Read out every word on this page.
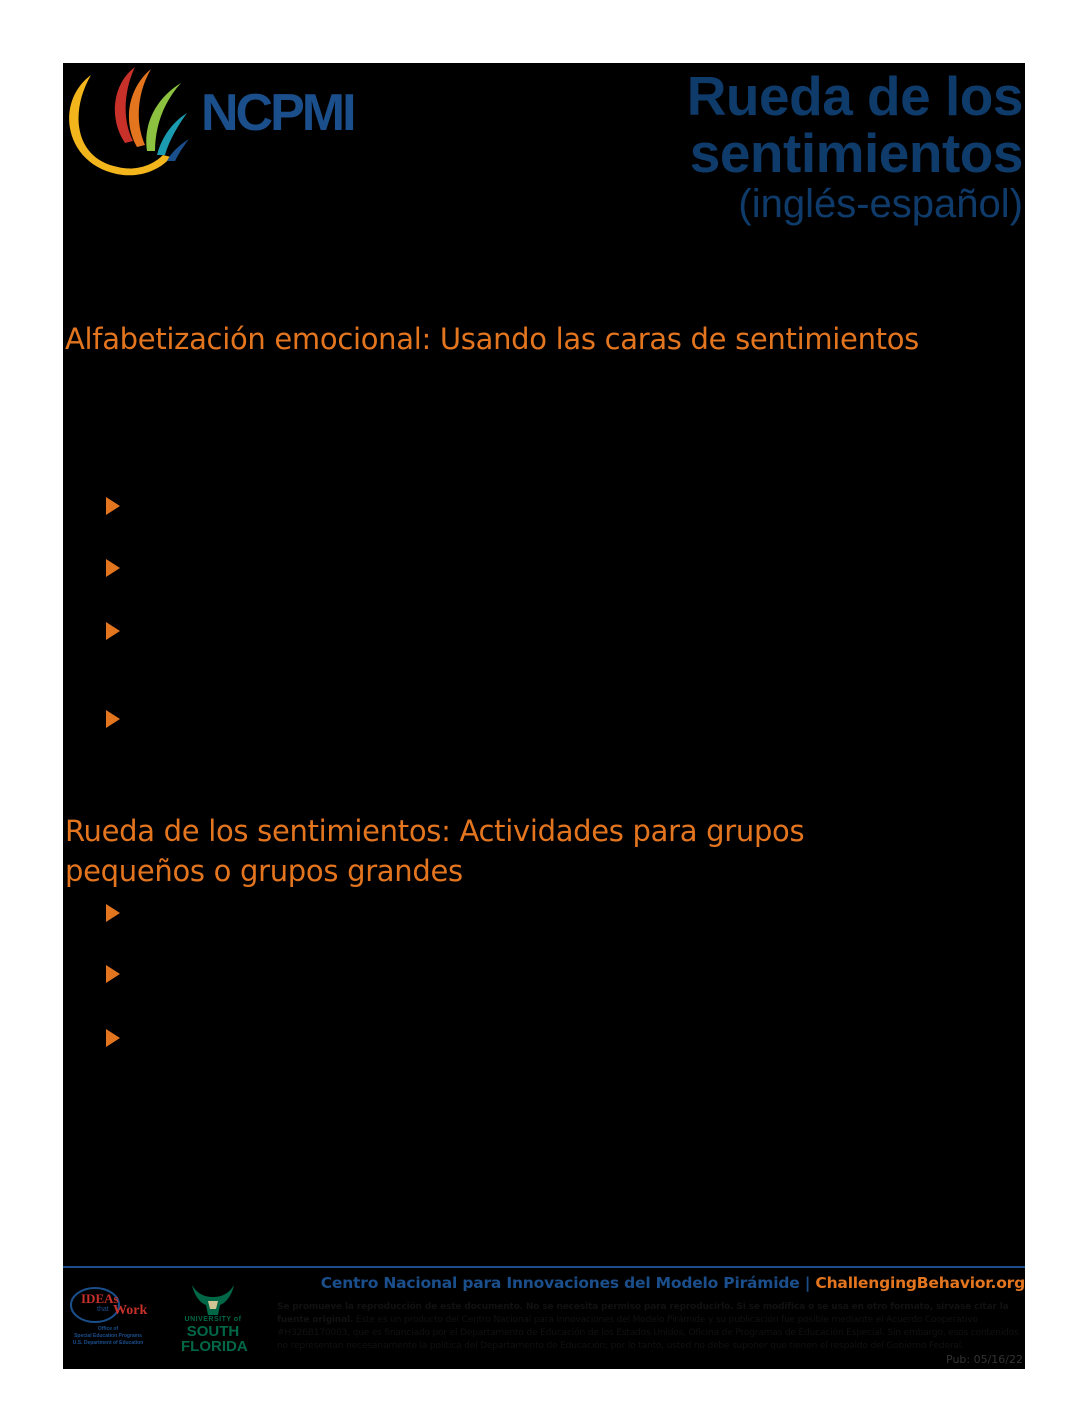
NCPMI	Rueda de los
sentimientos
(inglés-español)
Alfabetización emocional: Usando las caras de sentimientos
Rueda de los sentimientos: Actividades para grupos
pequeños o grupos grandes
IDEAs
that Work
Office of
Special Education Programs
U.S. Department of Education
UNIVERSITY of
SOUTH
FLORIDA
Centro Nacional para Innovaciones del Modelo Pirámide | ChallengingBehavior.org
Se promueve la reproducción de este documento. No se necesita permiso para reproducirlo. Si se modifica o se usa en otro formato, sírvase citar la fuente original. Este es un producto del Centro Nacional para Innovaciones del Modelo Pirámide y su publicación fue posible mediante el Acuerdo Cooperativo #H326B170003, que es financiado por el Departamento de Educación de los Estados Unidos, Oficina de Programas de Educación Especial. Sin embargo, esos contenidos no representan necesariamente la política del Departamento de Educación; por lo tanto, usted no debe suponer que tienen el respaldo del Gobierno Federal.
Pub: 05/16/22
